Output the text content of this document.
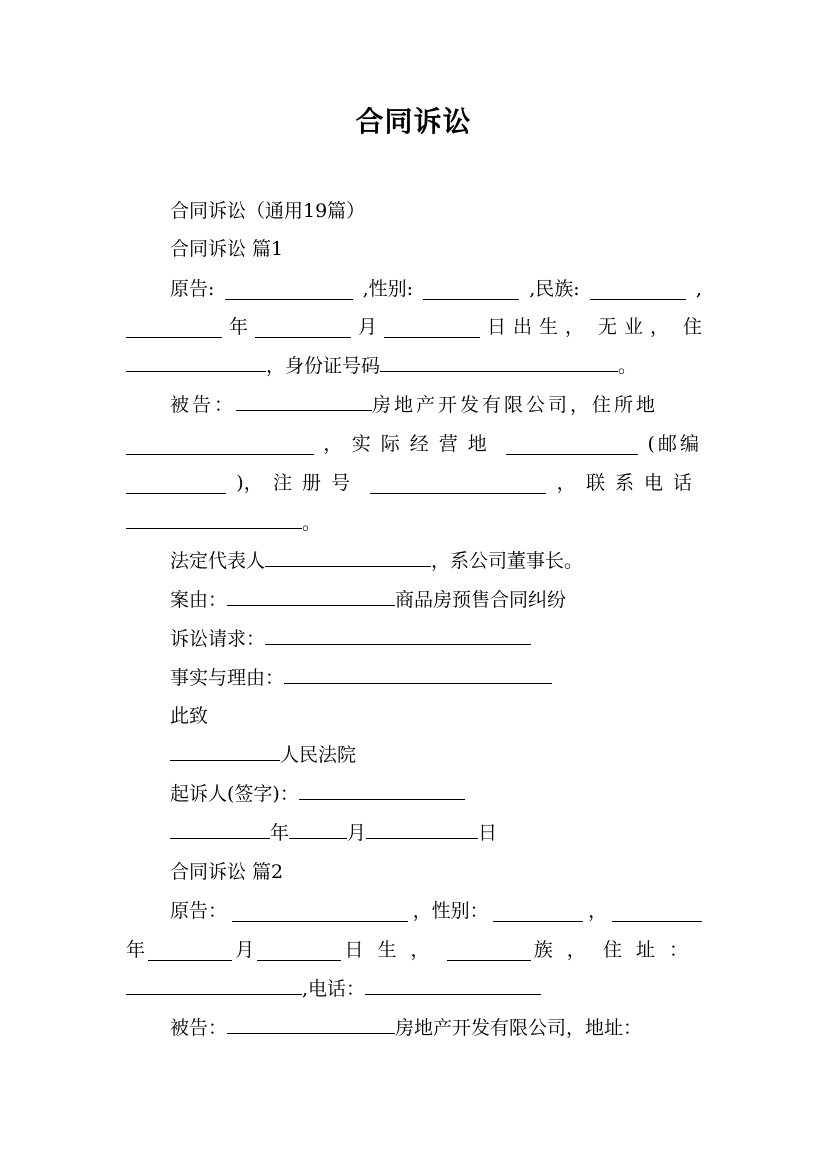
合同诉讼
合同诉讼（通用19篇）
合同诉讼 篇1
原告:	,性别:	,民族:	,
年	月	日出生， 无业， 住
，身份证号码	。
被告：	房地产开发有限公司，住所地
， 实际经营地	(邮编
)， 注册号	， 联系电话
。
法定代表人	，系公司董事长。
案由：	商品房预售合同纠纷
诉讼请求：
事实与理由：
此致
人民法院
起诉人(签字)：
年	月	日
合同诉讼 篇2
原告：	，性别：	，
年	月	日生，	族， 住址：
,电话：
被告：	房地产开发有限公司，地址：
